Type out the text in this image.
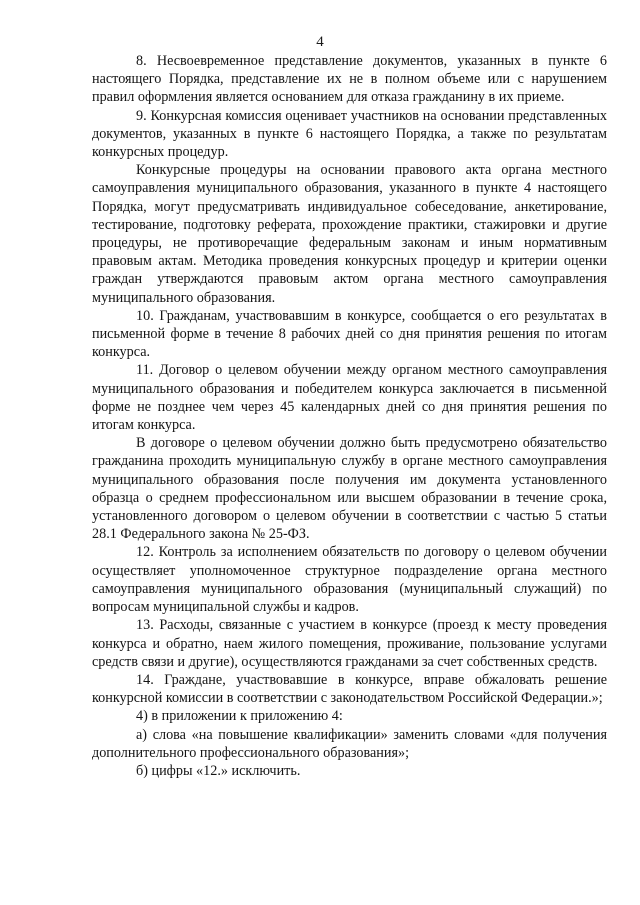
4

8. Несвоевременное представление документов, указанных в пункте 6 настоящего Порядка, представление их не в полном объеме или с нарушением правил оформления является основанием для отказа гражданину в их приеме.

9. Конкурсная комиссия оценивает участников на основании представленных документов, указанных в пункте 6 настоящего Порядка, а также по результатам конкурсных процедур.

Конкурсные процедуры на основании правового акта органа местного самоуправления муниципального образования, указанного в пункте 4 настоящего Порядка, могут предусматривать индивидуальное собеседование, анкетирование, тестирование, подготовку реферата, прохождение практики, стажировки и другие процедуры, не противоречащие федеральным законам и иным нормативным правовым актам. Методика проведения конкурсных процедур и критерии оценки граждан утверждаются правовым актом органа местного самоуправления муниципального образования.

10. Гражданам, участвовавшим в конкурсе, сообщается о его результатах в письменной форме в течение 8 рабочих дней со дня принятия решения по итогам конкурса.

11. Договор о целевом обучении между органом местного самоуправления муниципального образования и победителем конкурса заключается в письменной форме не позднее чем через 45 календарных дней со дня принятия решения по итогам конкурса.

В договоре о целевом обучении должно быть предусмотрено обязательство гражданина проходить муниципальную службу в органе местного самоуправления муниципального образования после получения им документа установленного образца о среднем профессиональном или высшем образовании в течение срока, установленного договором о целевом обучении в соответствии с частью 5 статьи 28.1 Федерального закона № 25-ФЗ.

12. Контроль за исполнением обязательств по договору о целевом обучении осуществляет уполномоченное структурное подразделение органа местного самоуправления муниципального образования (муниципальный служащий) по вопросам муниципальной службы и кадров.

13. Расходы, связанные с участием в конкурсе (проезд к месту проведения конкурса и обратно, наем жилого помещения, проживание, пользование услугами средств связи и другие), осуществляются гражданами за счет собственных средств.

14. Граждане, участвовавшие в конкурсе, вправе обжаловать решение конкурсной комиссии в соответствии с законодательством Российской Федерации.»;

4) в приложении к приложению 4:

а) слова «на повышение квалификации» заменить словами «для получения дополнительного профессионального образования»;

б) цифры «12.» исключить.
